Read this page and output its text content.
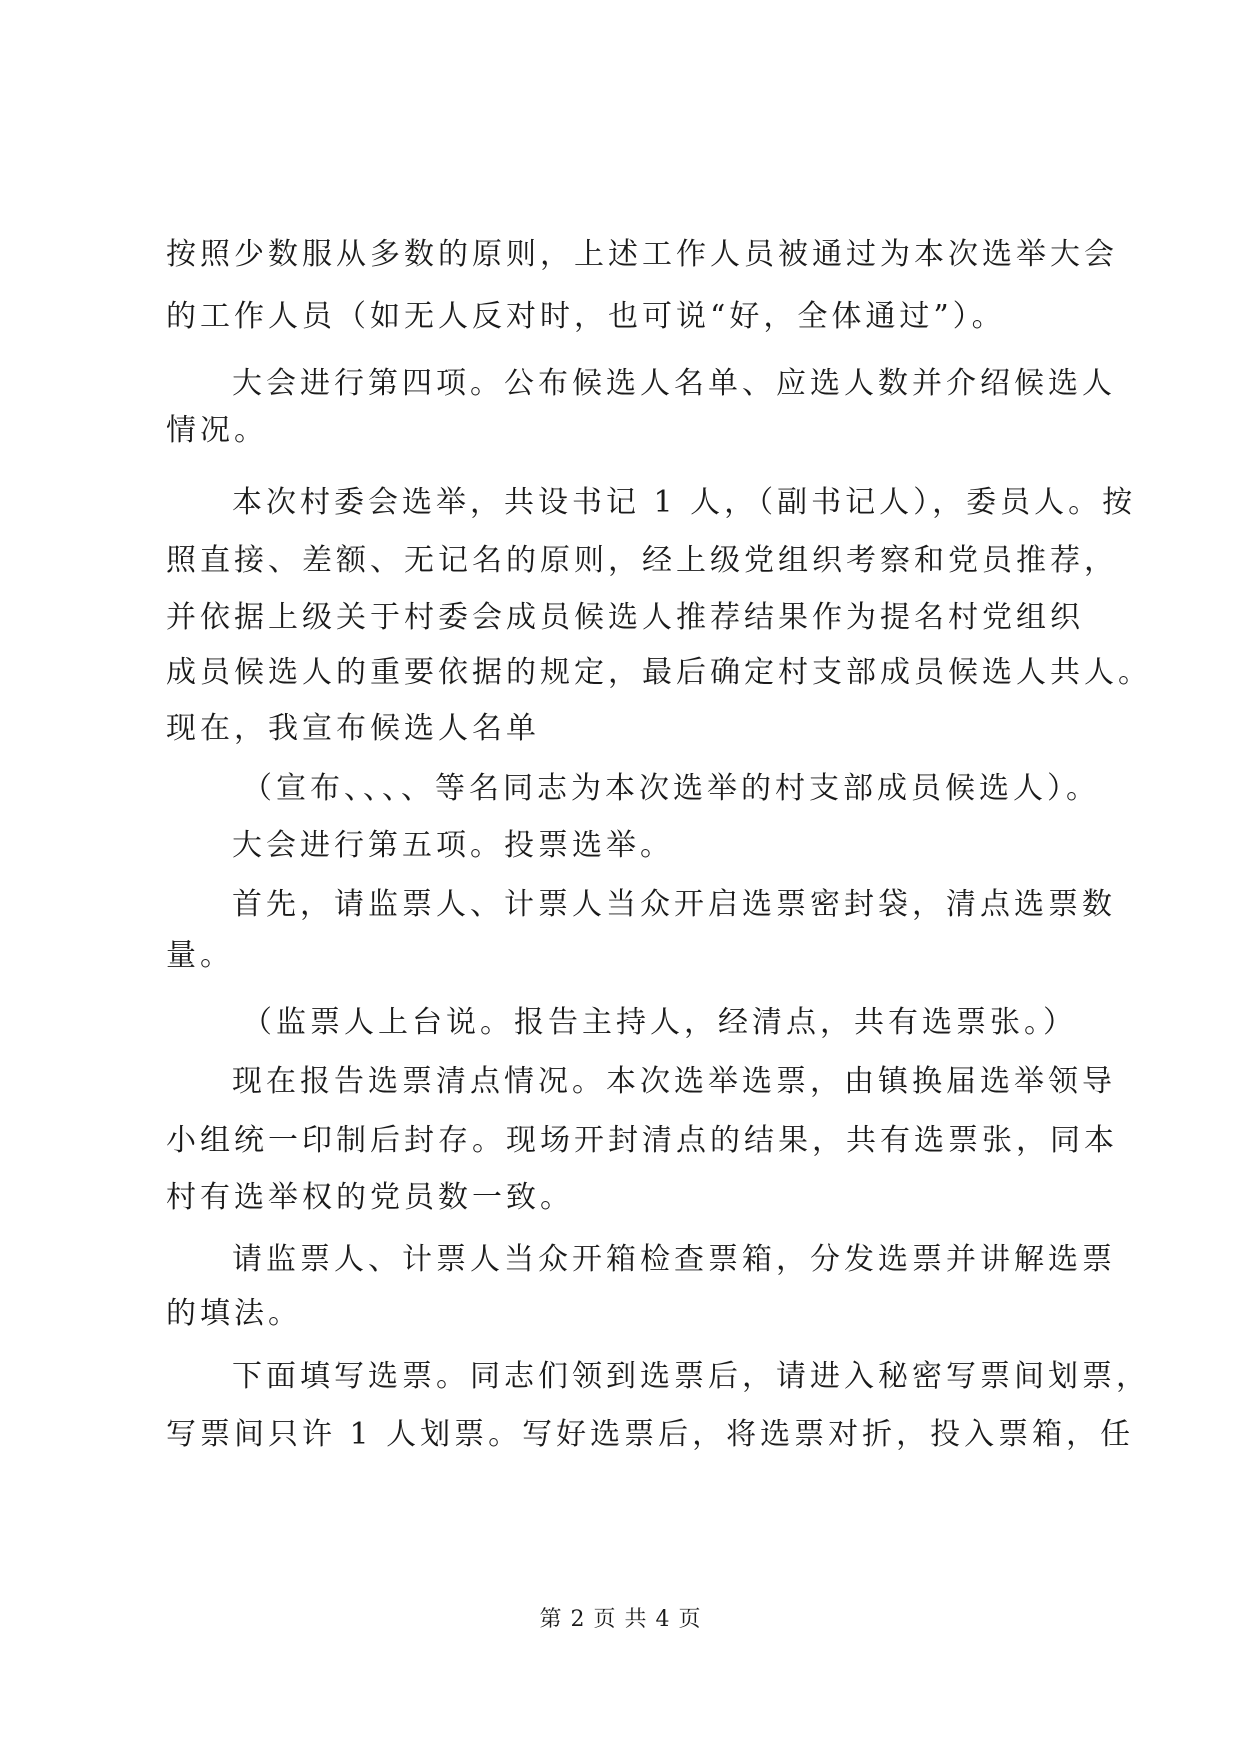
按照少数服从多数的原则，上述工作人员被通过为本次选举大会
的工作人员（如无人反对时，也可说“好，全体通过”）。
大会进行第四项。公布候选人名单、应选人数并介绍候选人
情况。
本次村委会选举，共设书记 1 人，（副书记人），委员人。按
照直接、差额、无记名的原则，经上级党组织考察和党员推荐，
并依据上级关于村委会成员候选人推荐结果作为提名村党组织
成员候选人的重要依据的规定，最后确定村支部成员候选人共人。
现在，我宣布候选人名单
（宣布、、、、等名同志为本次选举的村支部成员候选人）。
大会进行第五项。投票选举。
首先，请监票人、计票人当众开启选票密封袋，清点选票数
量。
（监票人上台说。报告主持人，经清点，共有选票张。）
现在报告选票清点情况。本次选举选票，由镇换届选举领导
小组统一印制后封存。现场开封清点的结果，共有选票张，同本
村有选举权的党员数一致。
请监票人、计票人当众开箱检查票箱，分发选票并讲解选票
的填法。
下面填写选票。同志们领到选票后，请进入秘密写票间划票，
写票间只许 1 人划票。写好选票后，将选票对折，投入票箱，任
第 2 页 共 4 页
